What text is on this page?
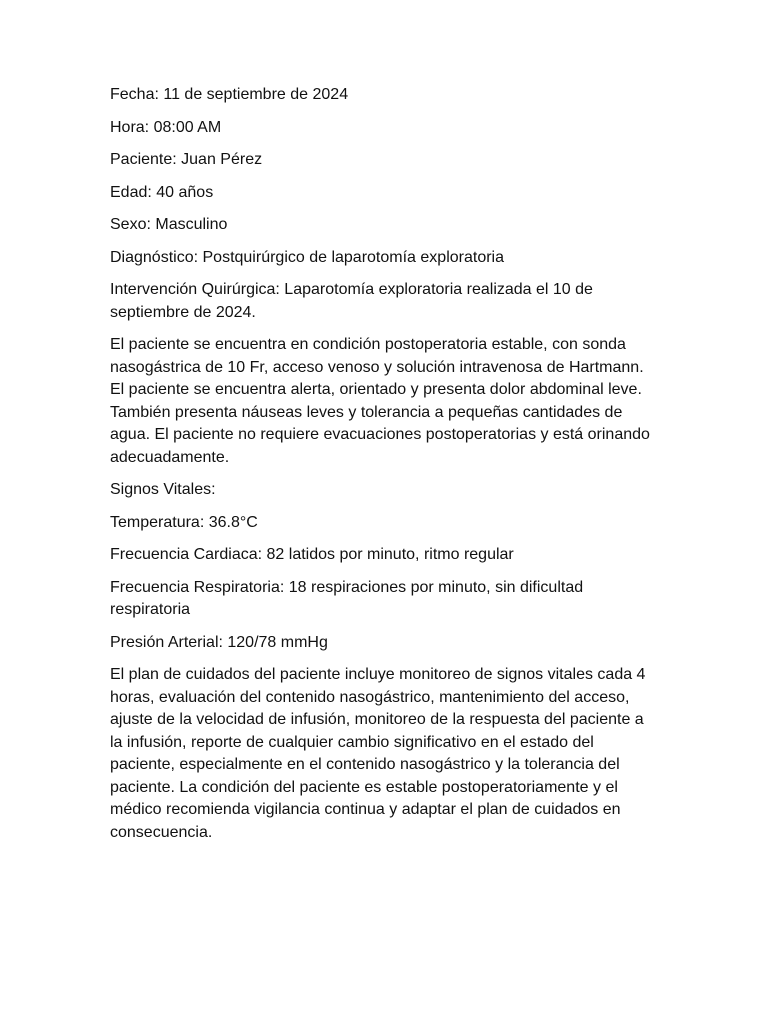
Fecha: 11 de septiembre de 2024

Hora: 08:00 AM

Paciente: Juan Pérez

Edad: 40 años

Sexo: Masculino

Diagnóstico: Postquirúrgico de laparotomía exploratoria

Intervención Quirúrgica: Laparotomía exploratoria realizada el 10 de septiembre de 2024.

El paciente se encuentra en condición postoperatoria estable, con sonda nasogástrica de 10 Fr, acceso venoso y solución intravenosa de Hartmann. El paciente se encuentra alerta, orientado y presenta dolor abdominal leve. También presenta náuseas leves y tolerancia a pequeñas cantidades de agua. El paciente no requiere evacuaciones postoperatorias y está orinando adecuadamente.

Signos Vitales:

Temperatura: 36.8°C

Frecuencia Cardiaca: 82 latidos por minuto, ritmo regular

Frecuencia Respiratoria: 18 respiraciones por minuto, sin dificultad respiratoria

Presión Arterial: 120/78 mmHg

El plan de cuidados del paciente incluye monitoreo de signos vitales cada 4 horas, evaluación del contenido nasogástrico, mantenimiento del acceso, ajuste de la velocidad de infusión, monitoreo de la respuesta del paciente a la infusión, reporte de cualquier cambio significativo en el estado del paciente, especialmente en el contenido nasogástrico y la tolerancia del paciente. La condición del paciente es estable postoperatoriamente y el médico recomienda vigilancia continua y adaptar el plan de cuidados en consecuencia.
